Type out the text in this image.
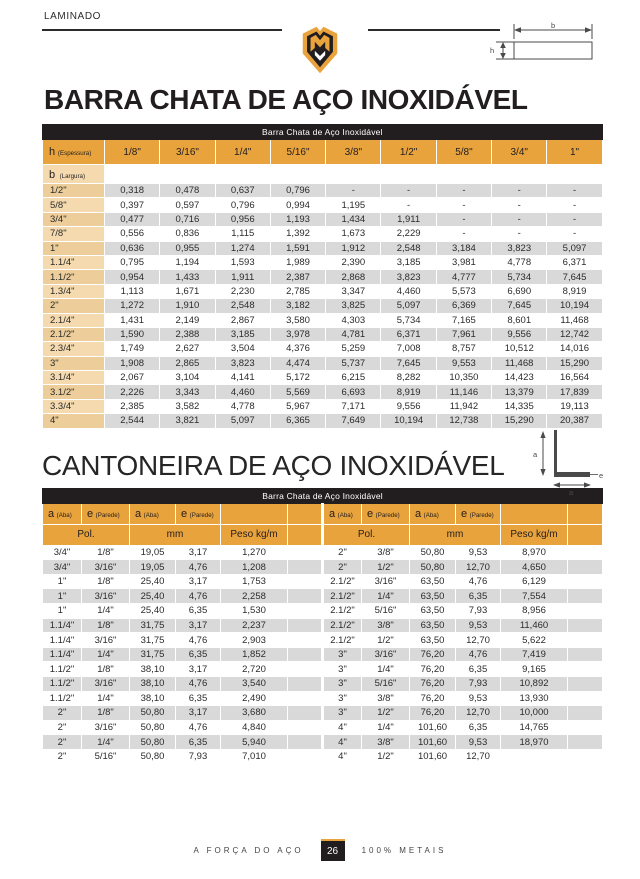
LAMINADO
h
b
BARRA CHATA DE AÇO INOXIDÁVEL
Barra Chata de Aço Inoxidável									
h (Espessura)	1/8"	3/16"	1/4"	5/16"	3/8"	1/2"	5/8"	3/4"	1"
b (Largura)									
1/2"	0,318	0,478	0,637	0,796	-	-	-	-	-
5/8"	0,397	0,597	0,796	0,994	1,195	-	-	-	-
3/4"	0,477	0,716	0,956	1,193	1,434	1,911	-	-	-
7/8"	0,556	0,836	1,115	1,392	1,673	2,229	-	-	-
1"	0,636	0,955	1,274	1,591	1,912	2,548	3,184	3,823	5,097
1.1/4"	0,795	1,194	1,593	1,989	2,390	3,185	3,981	4,778	6,371
1.1/2"	0,954	1,433	1,911	2,387	2,868	3,823	4,777	5,734	7,645
1.3/4"	1,113	1,671	2,230	2,785	3,347	4,460	5,573	6,690	8,919
2"	1,272	1,910	2,548	3,182	3,825	5,097	6,369	7,645	10,194
2.1/4"	1,431	2,149	2,867	3,580	4,303	5,734	7,165	8,601	11,468
2.1/2"	1,590	2,388	3,185	3,978	4,781	6,371	7,961	9,556	12,742
2.3/4"	1,749	2,627	3,504	4,376	5,259	7,008	8,757	10,512	14,016
3"	1,908	2,865	3,823	4,474	5,737	7,645	9,553	11,468	15,290
3.1/4"	2,067	3,104	4,141	5,172	6,215	8,282	10,350	14,423	16,564
3.1/2"	2,226	3,343	4,460	5,569	6,693	8,919	11,146	13,379	17,839
3.3/4"	2,385	3,582	4,778	5,967	7,171	9,556	11,942	14,335	19,113
4"	2,544	3,821	5,097	6,365	7,649	10,194	12,738	15,290	20,387
CANTONEIRA DE AÇO INOXIDÁVEL	a
a
e
Barra Chata de Aço Inoxidável											
a (Aba)	e (Parede)	a (Aba)	e (Parede)			a (Aba)	e (Parede)	a (Aba)	e (Parede)		
Pol.		mm		Peso kg/m		Pol.		mm		Peso kg/m	
3/4"	1/8"	19,05	3,17	1,270		2"	3/8"	50,80	9,53	8,970	
3/4"	3/16"	19,05	4,76	1,208		2"	1/2"	50,80	12,70	4,650	
1"	1/8"	25,40	3,17	1,753		2.1/2"	3/16"	63,50	4,76	6,129	
1"	3/16"	25,40	4,76	2,258		2.1/2"	1/4"	63,50	6,35	7,554	
1"	1/4"	25,40	6,35	1,530		2.1/2"	5/16"	63,50	7,93	8,956	
1.1/4"	1/8"	31,75	3,17	2,237		2.1/2"	3/8"	63,50	9,53	11,460	
1.1/4"	3/16"	31,75	4,76	2,903		2.1/2"	1/2"	63,50	12,70	5,622	
1.1/4"	1/4"	31,75	6,35	1,852		3"	3/16"	76,20	4,76	7,419	
1.1/2"	1/8"	38,10	3,17	2,720		3"	1/4"	76,20	6,35	9,165	
1.1/2"	3/16"	38,10	4,76	3,540		3"	5/16"	76,20	7,93	10,892	
1.1/2"	1/4"	38,10	6,35	2,490		3"	3/8"	76,20	9,53	13,930	
2"	1/8"	50,80	3,17	3,680		3"	1/2"	76,20	12,70	10,000	
2"	3/16"	50,80	4,76	4,840		4"	1/4"	101,60	6,35	14,765	
2"	1/4"	50,80	6,35	5,940		4"	3/8"	101,60	9,53	18,970	
2"	5/16"	50,80	7,93	7,010		4"	1/2"	101,60	12,70		
A FORÇA DO AÇO 26	100% METAIS
